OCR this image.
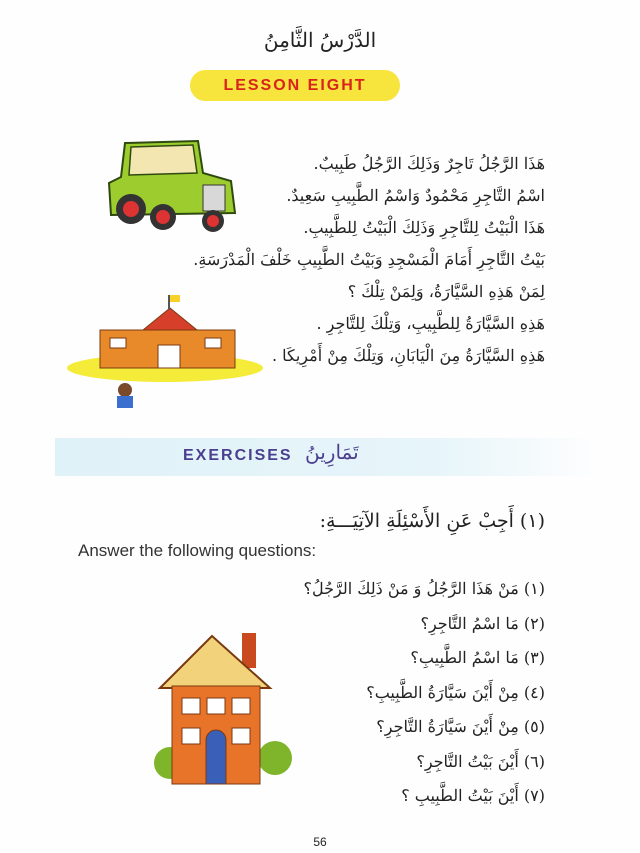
الدَّرْسُ الثَّامِنُ
LESSON EIGHT
هَذَا الرَّجُلُ تَاجِرٌ وَذَلِكَ الرَّجُلُ طَبِيبٌ.
اسْمُ التَّاجِرِ مَحْمُودٌ وَاسْمُ الطَّبِيبِ سَعِيدٌ.
هَذَا الْبَيْتُ لِلتَّاجِرِ وَذَلِكَ الْبَيْتُ لِلطَّبِيبِ.
بَيْتُ التَّاجِرِ أَمَامَ الْمَسْجِدِ وَبَيْتُ الطَّبِيبِ خَلْفَ الْمَدْرَسَةِ.
لِمَنْ هَذِهِ السَّيَّارَةُ، وَلِمَنْ تِلْكَ ؟
هَذِهِ السَّيَّارَةُ لِلطَّبِيبِ، وَتِلْكَ لِلتَّاجِرِ .
هَذِهِ السَّيَّارَةُ مِنَ الْيَابَانِ، وَتِلْكَ مِنْ أَمْرِيكَا .
EXERCISES تَمَارِينُ
(١) أَجِبْ عَنِ الأَسْئِلَةِ الآتِيَـــةِ:
Answer the following questions:
(١) مَنْ هَذَا الرَّجُلُ وَ مَنْ ذَلِكَ الرَّجُلُ؟
(٢) مَا اسْمُ التَّاجِرِ؟
(٣) مَا اسْمُ الطَّبِيبِ؟
(٤) مِنْ أَيْنَ سَيَّارَةُ الطَّبِيبِ؟
(٥) مِنْ أَيْنَ سَيَّارَةُ التَّاجِرِ؟
(٦) أَيْنَ بَيْتُ التَّاجِرِ؟
(٧) أَيْنَ بَيْتُ الطَّبِيبِ ؟
56
